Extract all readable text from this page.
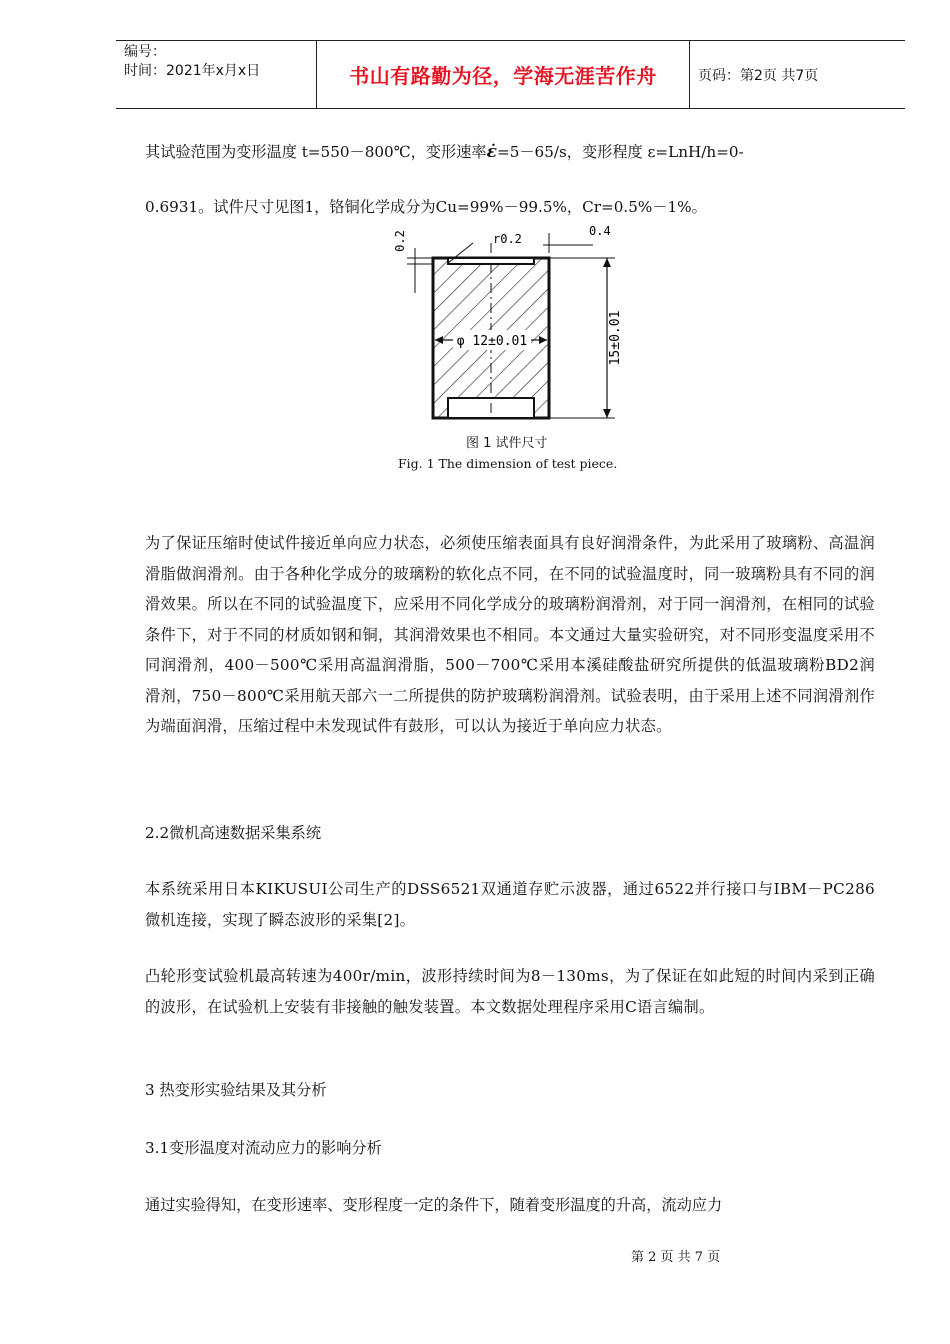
编号：
时间：2021年x月x日	书山有路勤为径，学海无涯苦作舟	页码：第2页 共7页

其试验范围为变形温度 t=550－800℃，变形速率ε̇=5－65/s，变形程度 ε=LnH/h=0-

0.6931。试件尺寸见图1，铬铜化学成分为Cu=99%－99.5%，Cr=0.5%－1%。

φ 12±0.01	15±0.01
0.4
r0.2
0.2
图 1 试件尺寸
Fig. 1 The dimension of test piece.

为了保证压缩时使试件接近单向应力状态，必须使压缩表面具有良好润滑条件，为此采用了玻璃粉、高温润滑脂做润滑剂。由于各种化学成分的玻璃粉的软化点不同，在不同的试验温度时，同一玻璃粉具有不同的润滑效果。所以在不同的试验温度下，应采用不同化学成分的玻璃粉润滑剂，对于同一润滑剂，在相同的试验条件下，对于不同的材质如钢和铜，其润滑效果也不相同。本文通过大量实验研究，对不同形变温度采用不同润滑剂，400－500℃采用高温润滑脂，500－700℃采用本溪硅酸盐研究所提供的低温玻璃粉BD2润滑剂，750－800℃采用航天部六一二所提供的防护玻璃粉润滑剂。试验表明，由于采用上述不同润滑剂作为端面润滑，压缩过程中未发现试件有鼓形，可以认为接近于单向应力状态。

2.2微机高速数据采集系统

本系统采用日本KIKUSUI公司生产的DSS6521双通道存贮示波器，通过6522并行接口与IBM－PC286微机连接，实现了瞬态波形的采集[2]。

凸轮形变试验机最高转速为400r/min，波形持续时间为8－130ms，为了保证在如此短的时间内采到正确的波形，在试验机上安装有非接触的触发装置。本文数据处理程序采用C语言编制。

3 热变形实验结果及其分析

3.1变形温度对流动应力的影响分析

通过实验得知，在变形速率、变形程度一定的条件下，随着变形温度的升高，流动应力

第 2 页 共 7 页
